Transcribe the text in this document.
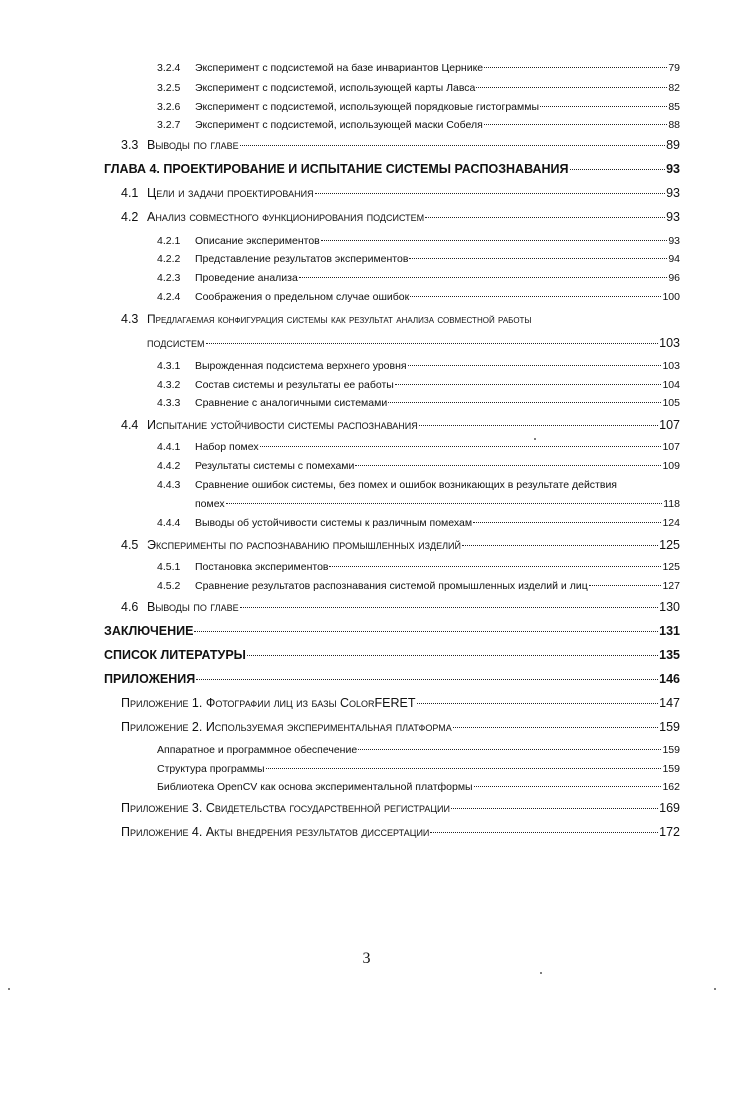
3.2.4	Эксперимент с подсистемой на базе инвариантов Цернике	79
3.2.5	Эксперимент с подсистемой, использующей карты Лавса	82
3.2.6	Эксперимент с подсистемой, использующей порядковые гистограммы	85
3.2.7	Эксперимент с подсистемой, использующей маски Собеля	88
3.3 Выводы по главе	89
ГЛАВА 4. ПРОЕКТИРОВАНИЕ И ИСПЫТАНИЕ СИСТЕМЫ РАСПОЗНАВАНИЯ	93
4.1 Цели и задачи проектирования	93
4.2 Анализ совместного функционирования подсистем	93
4.2.1	Описание экспериментов	93
4.2.2	Представление результатов экспериментов	94
4.2.3	Проведение анализа	96
4.2.4	Соображения о предельном случае ошибок	100
4.3 Предлагаемая конфигурация системы как результат анализа совместной работы
подсистем	103
4.3.1	Вырожденная подсистема верхнего уровня	103
4.3.2	Состав системы и результаты ее работы	104
4.3.3	Сравнение с аналогичными системами	105
4.4 Испытание устойчивости системы распознавания	107
4.4.1	Набор помех	107
4.4.2	Результаты системы с помехами	109
4.4.3	Сравнение ошибок системы, без помех и ошибок возникающих в результате действия
помех	118
4.4.4	Выводы об устойчивости системы к различным помехам	124
4.5 Эксперименты по распознаванию промышленных изделий	125
4.5.1	Постановка экспериментов	125
4.5.2	Сравнение результатов распознавания системой промышленных изделий и лиц	127
4.6 Выводы по главе	130
ЗАКЛЮЧЕНИЕ	131
СПИСОК ЛИТЕРАТУРЫ	135
ПРИЛОЖЕНИЯ	146
Приложение 1. Фотографии лиц из базы ColorFERET	147
Приложение 2. Используемая экспериментальная платформа	159
Аппаратное и программное обеспечение	159
Структура программы	159
Библиотека OpenCV как основа экспериментальной платформы	162
Приложение 3. Свидетельства государственной регистрации	169
Приложение 4. Акты внедрения результатов диссертации	172
3
